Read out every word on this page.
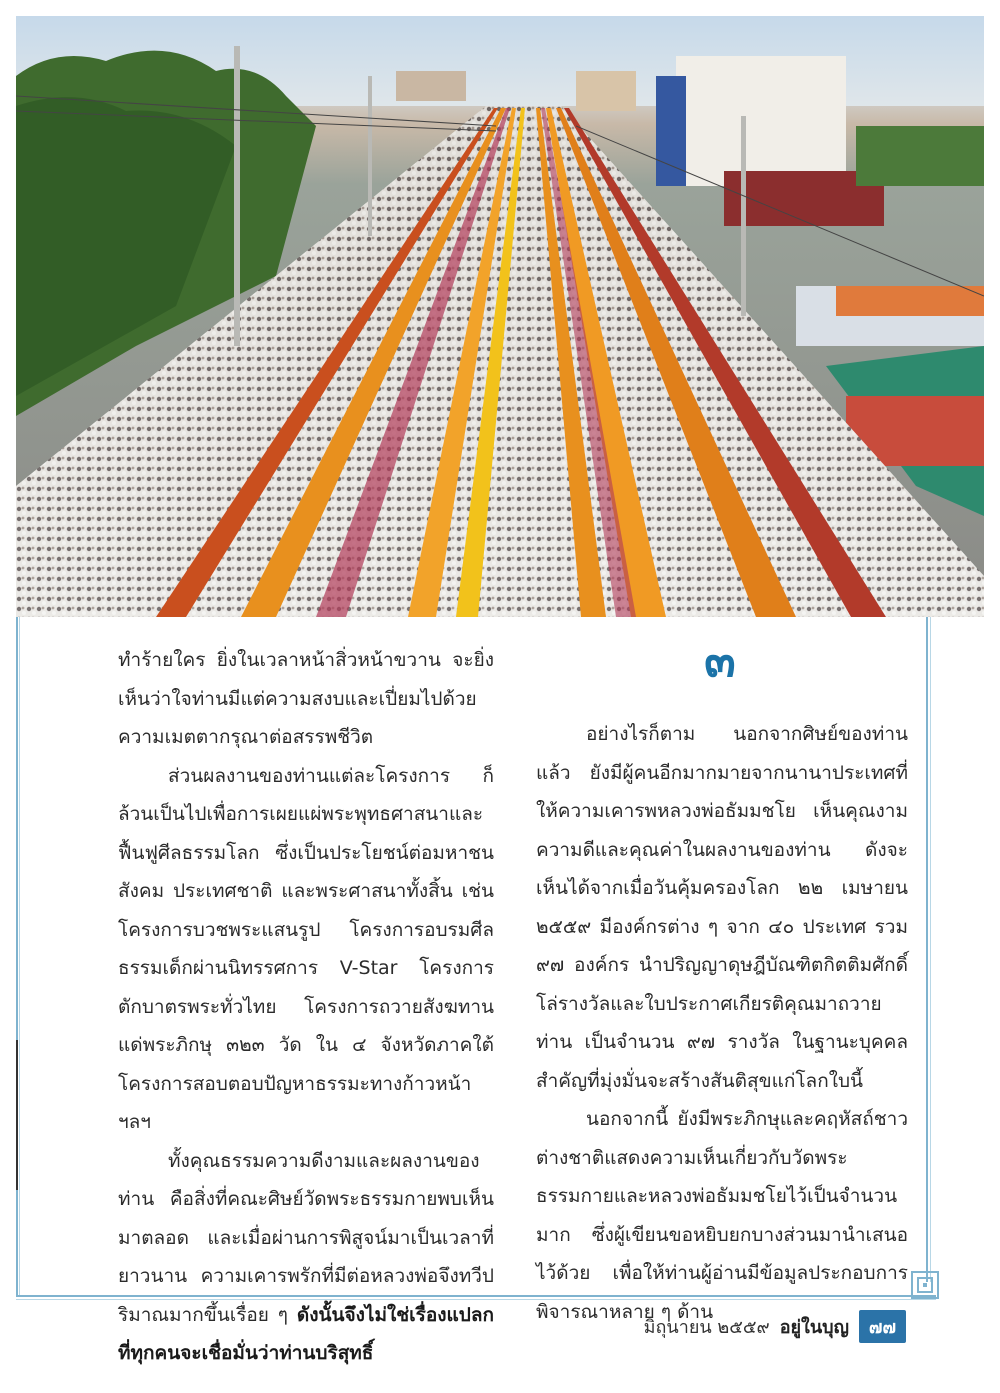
๓

ทำร้ายใคร ยิ่งในเวลาหน้าสิ่วหน้าขวาน จะยิ่งเห็นว่าใจท่านมีแต่ความสงบและเปี่ยมไปด้วยความเมตตากรุณาต่อสรรพชีวิต

ส่วนผลงานของท่านแต่ละโครงการ ก็ล้วนเป็นไปเพื่อการเผยแผ่พระพุทธศาสนาและฟื้นฟูศีลธรรมโลก ซึ่งเป็นประโยชน์ต่อมหาชน สังคม ประเทศชาติ และพระศาสนาทั้งสิ้น เช่น โครงการบวชพระแสนรูป โครงการอบรมศีลธรรมเด็กผ่านนิทรรศการ V-Star โครงการตักบาตรพระทั่วไทย โครงการถวายสังฆทานแด่พระภิกษุ ๓๒๓ วัด ใน ๔ จังหวัดภาคใต้ โครงการสอบตอบปัญหาธรรมะทางก้าวหน้า ฯลฯ

ทั้งคุณธรรมความดีงามและผลงานของท่าน คือสิ่งที่คณะศิษย์วัดพระธรรมกายพบเห็นมาตลอด และเมื่อผ่านการพิสูจน์มาเป็นเวลาที่ยาวนาน ความเคารพรักที่มีต่อหลวงพ่อจึงทวีปริมาณมากขึ้นเรื่อย ๆ ดังนั้นจึงไม่ใช่เรื่องแปลกที่ทุกคนจะเชื่อมั่นว่าท่านบริสุทธิ์

อย่างไรก็ตาม นอกจากศิษย์ของท่านแล้ว ยังมีผู้คนอีกมากมายจากนานาประเทศที่ให้ความเคารพหลวงพ่อธัมมชโย เห็นคุณงามความดีและคุณค่าในผลงานของท่าน ดังจะเห็นได้จากเมื่อวันคุ้มครองโลก ๒๒ เมษายน ๒๕๕๙ มีองค์กรต่าง ๆ จาก ๔๐ ประเทศ รวม ๙๗ องค์กร นำปริญญาดุษฎีบัณฑิตกิตติมศักดิ์ โล่รางวัลและใบประกาศเกียรติคุณมาถวายท่าน เป็นจำนวน ๙๗ รางวัล ในฐานะบุคคลสำคัญที่มุ่งมั่นจะสร้างสันติสุขแก่โลกใบนี้

นอกจากนี้ ยังมีพระภิกษุและคฤหัสถ์ชาวต่างชาติแสดงความเห็นเกี่ยวกับวัดพระธรรมกายและหลวงพ่อธัมมชโยไว้เป็นจำนวนมาก ซึ่งผู้เขียนขอหยิบยกบางส่วนมานำเสนอไว้ด้วย เพื่อให้ท่านผู้อ่านมีข้อมูลประกอบการพิจารณาหลาย ๆ ด้าน

มิถุนายน ๒๕๕๙ อยู่ในบุญ	๗๗
